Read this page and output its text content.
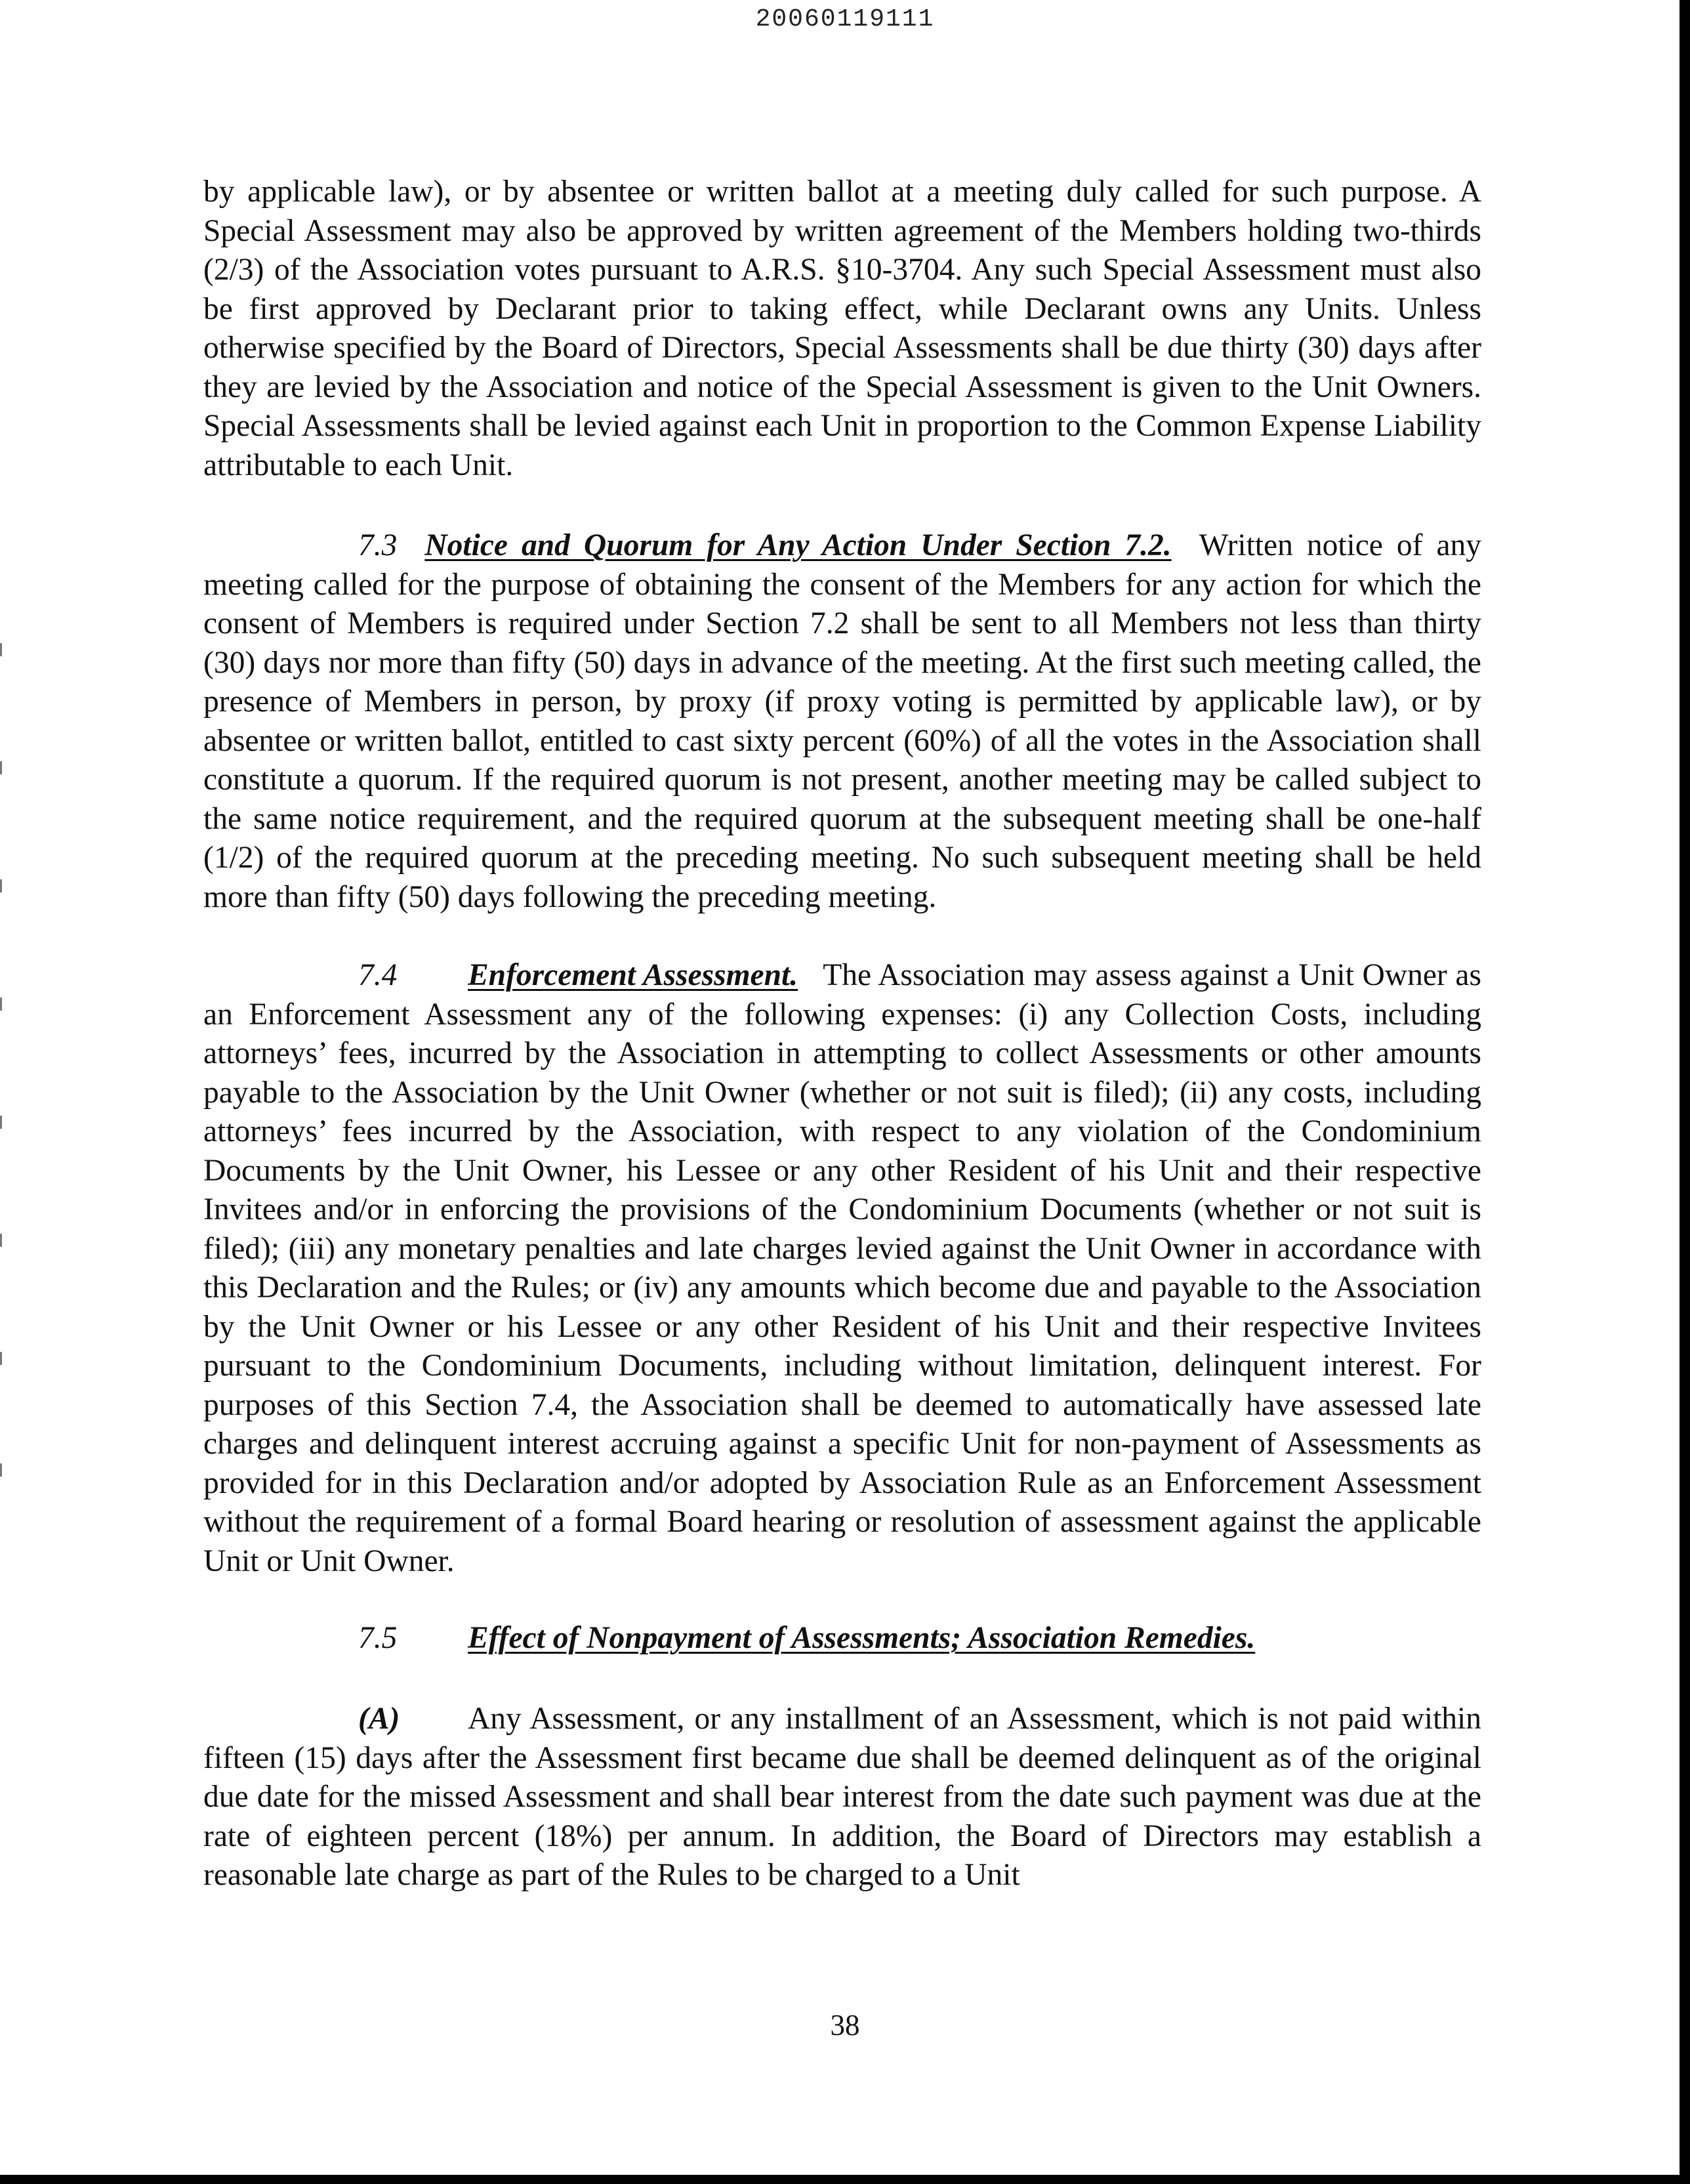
20060119111

by applicable law), or by absentee or written ballot at a meeting duly called for such purpose. A Special Assessment may also be approved by written agreement of the Members holding two-thirds (2/3) of the Association votes pursuant to A.R.S. §10-3704. Any such Special Assessment must also be first approved by Declarant prior to taking effect, while Declarant owns any Units. Unless otherwise specified by the Board of Directors, Special Assessments shall be due thirty (30) days after they are levied by the Association and notice of the Special Assessment is given to the Unit Owners. Special Assessments shall be levied against each Unit in proportion to the Common Expense Liability attributable to each Unit.

7.3 Notice and Quorum for Any Action Under Section 7.2. Written notice of any meeting called for the purpose of obtaining the consent of the Members for any action for which the consent of Members is required under Section 7.2 shall be sent to all Members not less than thirty (30) days nor more than fifty (50) days in advance of the meeting. At the first such meeting called, the presence of Members in person, by proxy (if proxy voting is permitted by applicable law), or by absentee or written ballot, entitled to cast sixty percent (60%) of all the votes in the Association shall constitute a quorum. If the required quorum is not present, another meeting may be called subject to the same notice requirement, and the required quorum at the subsequent meeting shall be one-half (1/2) of the required quorum at the preceding meeting. No such subsequent meeting shall be held more than fifty (50) days following the preceding meeting.

7.4 Enforcement Assessment. The Association may assess against a Unit Owner as an Enforcement Assessment any of the following expenses: (i) any Collection Costs, including attorneys’ fees, incurred by the Association in attempting to collect Assessments or other amounts payable to the Association by the Unit Owner (whether or not suit is filed); (ii) any costs, including attorneys’ fees incurred by the Association, with respect to any violation of the Condominium Documents by the Unit Owner, his Lessee or any other Resident of his Unit and their respective Invitees and/or in enforcing the provisions of the Condominium Documents (whether or not suit is filed); (iii) any monetary penalties and late charges levied against the Unit Owner in accordance with this Declaration and the Rules; or (iv) any amounts which become due and payable to the Association by the Unit Owner or his Lessee or any other Resident of his Unit and their respective Invitees pursuant to the Condominium Documents, including without limitation, delinquent interest. For purposes of this Section 7.4, the Association shall be deemed to automatically have assessed late charges and delinquent interest accruing against a specific Unit for non-payment of Assessments as provided for in this Declaration and/or adopted by Association Rule as an Enforcement Assessment without the requirement of a formal Board hearing or resolution of assessment against the applicable Unit or Unit Owner.

7.5 Effect of Nonpayment of Assessments; Association Remedies.

(A) Any Assessment, or any installment of an Assessment, which is not paid within fifteen (15) days after the Assessment first became due shall be deemed delinquent as of the original due date for the missed Assessment and shall bear interest from the date such payment was due at the rate of eighteen percent (18%) per annum. In addition, the Board of Directors may establish a reasonable late charge as part of the Rules to be charged to a Unit

38
